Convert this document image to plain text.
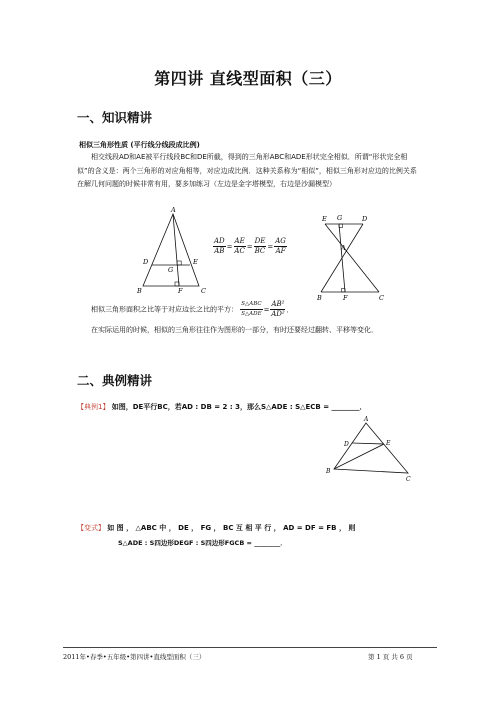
第四讲 直线型面积（三）
一、知识精讲
相似三角形性质 (平行线分线段成比例)
相交线段AD和AE被平行线段BC和DE所截，得到的三角形ABC和ADE形状完全相似．所谓“形状完全相似”的含义是：两个三角形的对应角相等，对应边成比例．这种关系称为“相似”，相似三角形对应边的比例关系在解几何问题的时候非常有用，要多加练习（左边是金字塔模型，右边是沙漏模型）
A
B	C
D	E
F
G
$\frac{AD}{AB} = \frac{AE}{AC} = \frac{DE}{BC} = \frac{AG}{AF}$
E G	D
A
B	F	C
相似三角形面积之比等于对应边长之比的平方： $\frac{\text{S△ABC}}{\text{S△ADE}} = \frac{\text{AB²}}{\text{AD²}}$ ．
在实际运用的时候，相似的三角形往往作为图形的一部分，有时还要经过翻转、平移等变化．
二、典例精讲
【典例1】 如图，DE平行BC，若AD : DB = 2 : 3，那么S△ADE : S△ECB = ________．
A
D	E
B
C
【变式】 如 图 ， △ABC 中 ， DE ， FG ， BC 互 相 平 行 ， AD = DF = FB ， 则
S△ADE : S四边形DEGF : S四边形FGCB = ________．
2011年•春季•五年级•第四讲•直线型面积（三）	第 1 页 共 6 页
